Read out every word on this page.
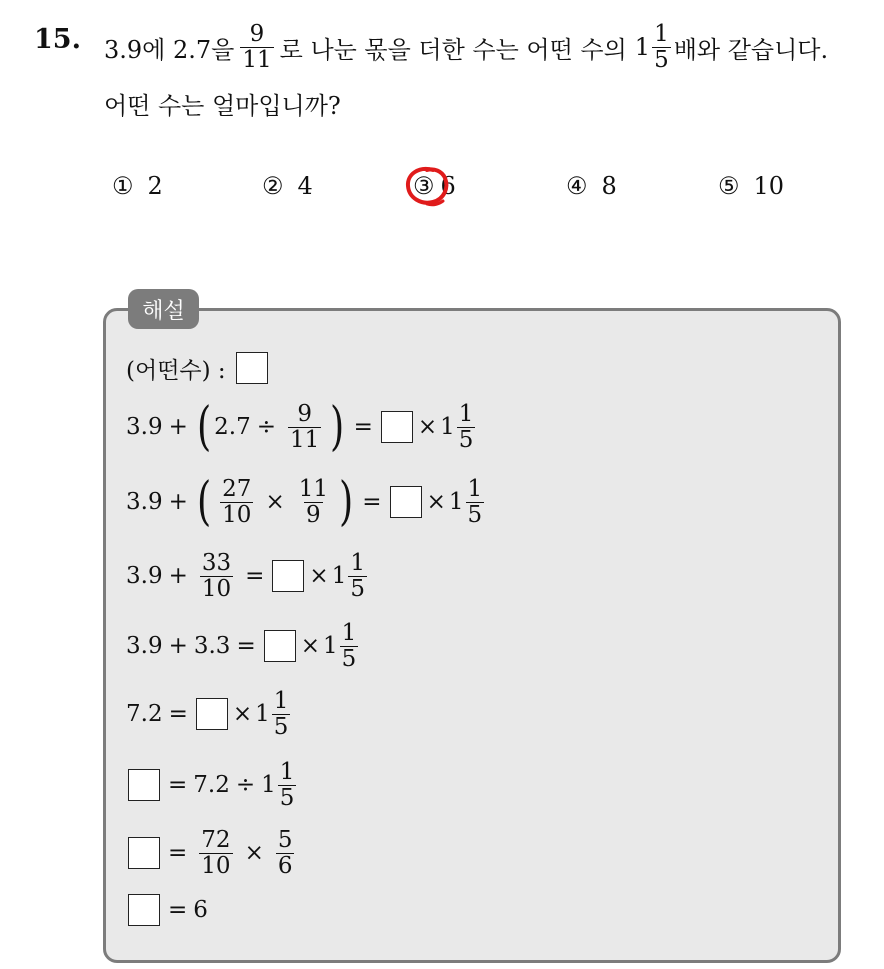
15. 3.9에 2.7을 $\frac{9}{11}$ 로 나눈 몫을 더한 수는 어떤 수의 $1 \frac{1}{5}$ 배와 같습니다.
어떤 수는 얼마입니까?
① 2	② 4	③ 6	④ 8	⑤ 10
해설
(어떤수) :
3.9 + ( $2.7 \div \frac{9}{11}$ ) = × $1 \frac{1}{5}$
3.9 + ( $\frac{27}{10} \times \frac{11}{9}$ ) = × $1 \frac{1}{5}$
$3.9 + \frac{33}{10}$ = × $1 \frac{1}{5}$
3.9 + 3.3 = × $1 \frac{1}{5}$
7.2 = × $1 \frac{1}{5}$
= $7.2 \div 1 \frac{1}{5}$
= $\frac{72}{10} \times \frac{5}{6}$
= 6
